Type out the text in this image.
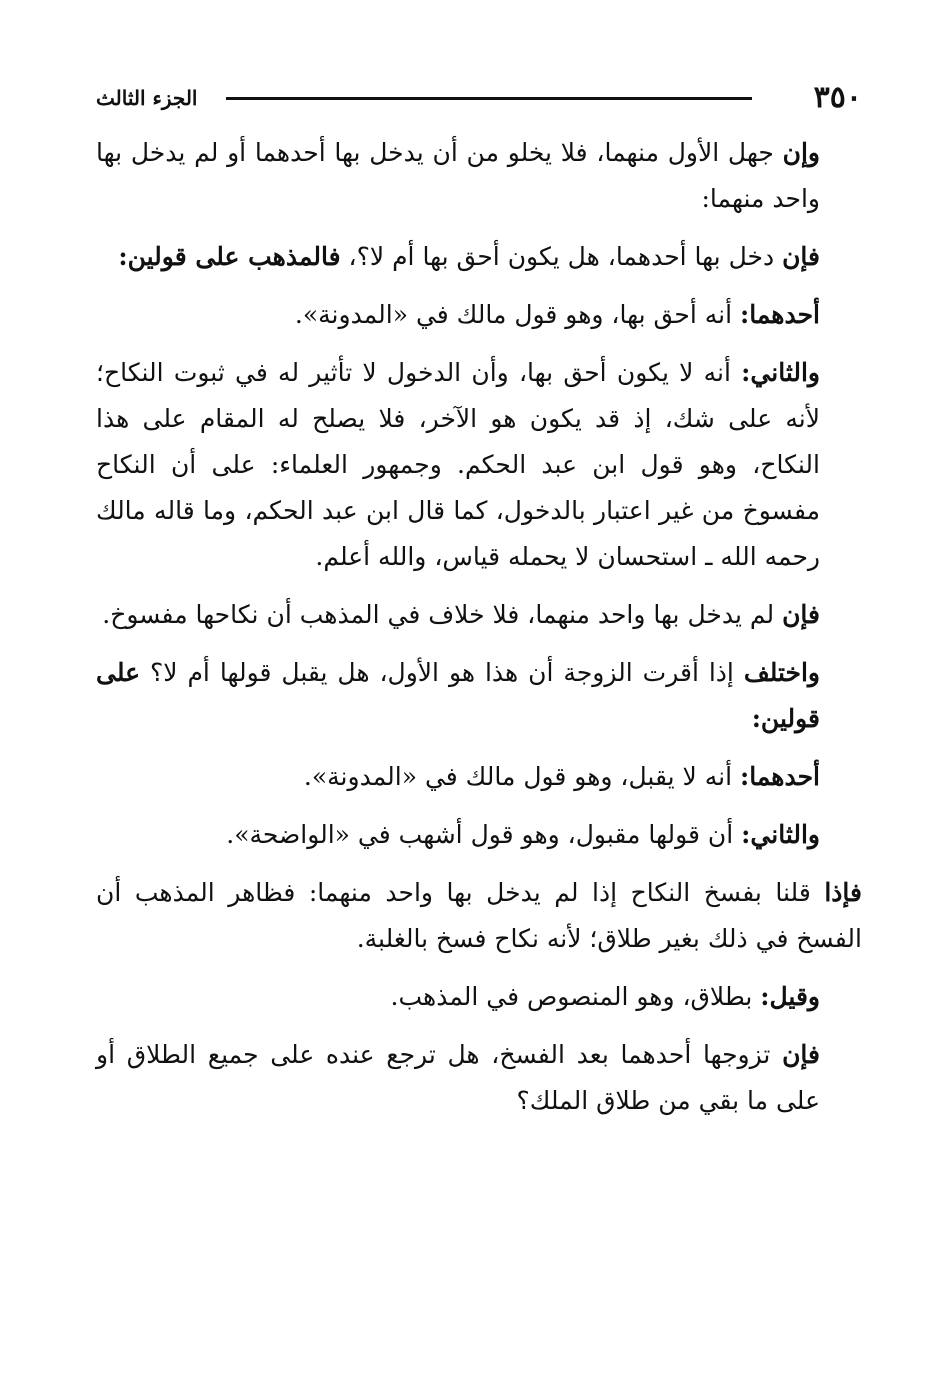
٣٥٠
الجزء الثالث

وإن جهل الأول منهما، فلا يخلو من أن يدخل بها أحدهما أو لم يدخل بها واحد منهما:

فإن دخل بها أحدهما، هل يكون أحق بها أم لا؟، فالمذهب على قولين:

أحدهما: أنه أحق بها، وهو قول مالك في «المدونة».

والثاني: أنه لا يكون أحق بها، وأن الدخول لا تأثير له في ثبوت النكاح؛ لأنه على شك، إذ قد يكون هو الآخر، فلا يصلح له المقام على هذا النكاح، وهو قول ابن عبد الحكم. وجمهور العلماء: على أن النكاح مفسوخ من غير اعتبار بالدخول، كما قال ابن عبد الحكم، وما قاله مالك رحمه الله ـ استحسان لا يحمله قياس، والله أعلم.

فإن لم يدخل بها واحد منهما، فلا خلاف في المذهب أن نكاحها مفسوخ.

واختلف إذا أقرت الزوجة أن هذا هو الأول، هل يقبل قولها أم لا؟ على قولين:

أحدهما: أنه لا يقبل، وهو قول مالك في «المدونة».

والثاني: أن قولها مقبول، وهو قول أشهب في «الواضحة».

فإذا قلنا بفسخ النكاح إذا لم يدخل بها واحد منهما: فظاهر المذهب أن الفسخ في ذلك بغير طلاق؛ لأنه نكاح فسخ بالغلبة.

وقيل: بطلاق، وهو المنصوص في المذهب.

فإن تزوجها أحدهما بعد الفسخ، هل ترجع عنده على جميع الطلاق أو على ما بقي من طلاق الملك؟
